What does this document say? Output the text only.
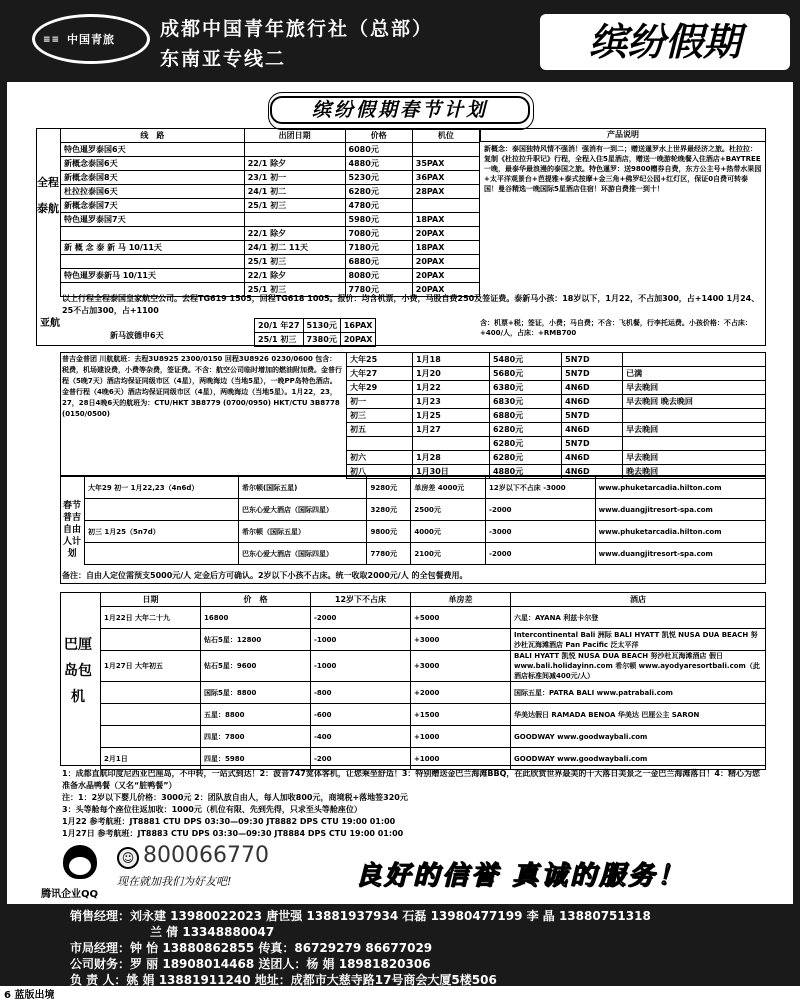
≡≡ 中国青旅 成都中国青年旅行社（总部）
东南亚专线二	缤纷假期
缤纷假期春节计划
全程泰航
线　路	出团日期	价格	机位
特色暹罗泰国6天		6080元	
新概念泰国6天	22/1 除夕	4880元	35PAX
新概念泰国8天	23/1 初一	5230元	36PAX
杜拉拉泰国6天	24/1 初二	6280元	28PAX
新概念泰国7天	25/1 初三	4780元	
特色暹罗泰国7天		5980元	18PAX
	22/1 除夕	7080元	20PAX
新 概 念 泰 新 马 10/11天	24/1 初二 11天	7180元	18PAX
	25/1 初三	6880元	20PAX
特色暹罗泰新马 10/11天	22/1 除夕	8080元	20PAX
	25/1 初三	7780元	20PAX
产品说明
新概念：泰国独特风情不强消！强消有一到二；赠送暹罗水上世界最经济之旅。杜拉拉：复制《杜拉拉升职记》行程，全程入住5星酒店，赠送一晚游轮晚餐入住酒店+BAYTREE一晚，最泰华最浪漫的泰国之旅。特色暹罗：送9800赠券自费，东方公主号+热带水果园+太平洋观景台+芭提雅+泰式按摩+金三角+佛罗纪公园+红灯区，保证0自费可转泰国！曼谷精选一晚国际5星酒店住宿！环游自费推一到十！
以上行程全程泰国皇家航空公司。去程TG619 1505，回程TG618 1005。报价：均含机票，小费，马股自费250及签证费。泰新马小孩：18岁以下，1月22，不占加300，占+1400 1月24、25不占加300，占+1100
亚航
新马波德申6天
20/1 年27	5130元	16PAX
25/1 初三	7380元	20PAX
含：机票+税；签证，小费；马自费；不含：飞机餐，行李托运费。小孩价格：不占床：+400/人，占床：+RMB700
普吉金普团 川航航班：去程3U8925 2300/0150 回程3U8926 0230/0600 包含：税费，机场建设费，小费等杂费，签证费。不含：航空公司临时增加的燃油附加费。金普行程（5晚7天）酒店均保证同级市区（4星），两晚海边（当地5星），一晚PP岛特色酒店。金普行程（4晚6天）酒店均保证同级市区（4星），两晚海边（当地5星）。1月22，23，27，28日4晚6天的航班为：CTU/HKT 3B8779 (0700/0950) HKT/CTU 3B8778 (0150/0500)
大年25	1月18	5480元	5N7D	
大年27	1月20	5680元	5N7D	已满
大年29	1月22	6380元	4N6D	早去晚回
初一	1月23	6830元	4N6D	早去晚回 晚去晚回
初三	1月25	6880元	5N7D	
初五	1月27	6280元	4N6D	早去晚回
		6280元	5N7D	
初六	1月28	6280元	4N6D	早去晚回
初八	1月30日	4880元	4N6D	晚去晚回
春节普吉自由人计划
大年29 初一 1月22,23（4n6d）	希尔顿(国际五星)	9280元	单房差 4000元	12岁以下不占床 -3000	www.phuketarcadia.hilton.com
	巴东心爱大酒店（国际四星）	3280元	2500元	-2000	www.duangjitresort-spa.com
初三 1月25（5n7d）	希尔顿（国际五星）	9800元	4000元	-3000	www.phuketarcadia.hilton.com
	巴东心爱大酒店（国际四星）	7780元	2100元	-2000	www.duangjitresort-spa.com
备注：自由人定位需预支5000元/人 定金后方可确认。2岁以下小孩不占床。统一收取2000元/人 的全包餐费用。
巴厘岛包机
日期	价　格	12岁下不占床	单房差	酒店
1月22日 大年二十九	16800	-2000	+5000	六星：AYANA 利兹卡尔登
	钻石5星：12800	-1000	+3000	Intercontinental Bali 洲际 BALI HYATT 凯悦 NUSA DUA BEACH 努沙杜瓦海滩酒店 Pan Pacific 泛太平洋
1月27日 大年初五	钻石5星：9600	-1000	+3000	BALI HYATT 凯悦 NUSA DUA BEACH 努沙杜瓦海滩酒店 假日 www.bali.holidayinn.com 希尔顿 www.ayodyaresortbali.com（此酒店标准间减400元/人）
	国际5星：8800	-800	+2000	国际五星：PATRA BALI www.patrabali.com
	五星：8800	-600	+1500	华美达假日 RAMADA BENOA 华美达 巴厘公主 SARON
	四星：7800	-400	+1000	GOODWAY www.goodwaybali.com
2月1日	四星：5980	-200	+1000	GOODWAY www.goodwaybali.com
1：成都直航印度尼西亚巴厘岛，不中转，一站式到达！2：波音747宽体客机，让您乘坐舒适！3：特别赠送金巴兰海滩BBQ，在此欣赏世界最美的十大落日美景之一金巴兰海滩落日！4：精心为您准备水晶鸭餐（又名“脏鸭餐”）
注：1：2岁以下婴儿价格：3000元 2：团队放自由人，每人加收800元，商境税+落地签320元
3：头等舱每个座位往返加收：1000元（机位有限、先到先得，只求至头等舱座位）
1月22 参考航班：JT8881 CTU DPS 03:30—09:30 JT8882 DPS CTU 19:00 01:00
1月27日 参考航班：JT8883 CTU DPS 03:30—09:30 JT8884 DPS CTU 19:00 01:00
腾讯企业QQ
☺ 800066770
现在就加我们为好友吧!	良好的信誉 真诚的服务！
销售经理：刘永建 13980022023 唐世强 13881937934 石磊 13980477199 李 晶 13880751318
兰 倩 13348880047
市局经理：钟 怡 13880862855 传真：86729279 86677029
公司财务：罗 丽 18908014468 送团人：杨 娟 18981820306
负 责 人：姚 娟 13881911240 地址：成都市大慈寺路17号商会大厦5楼506
6 蓝版出境
